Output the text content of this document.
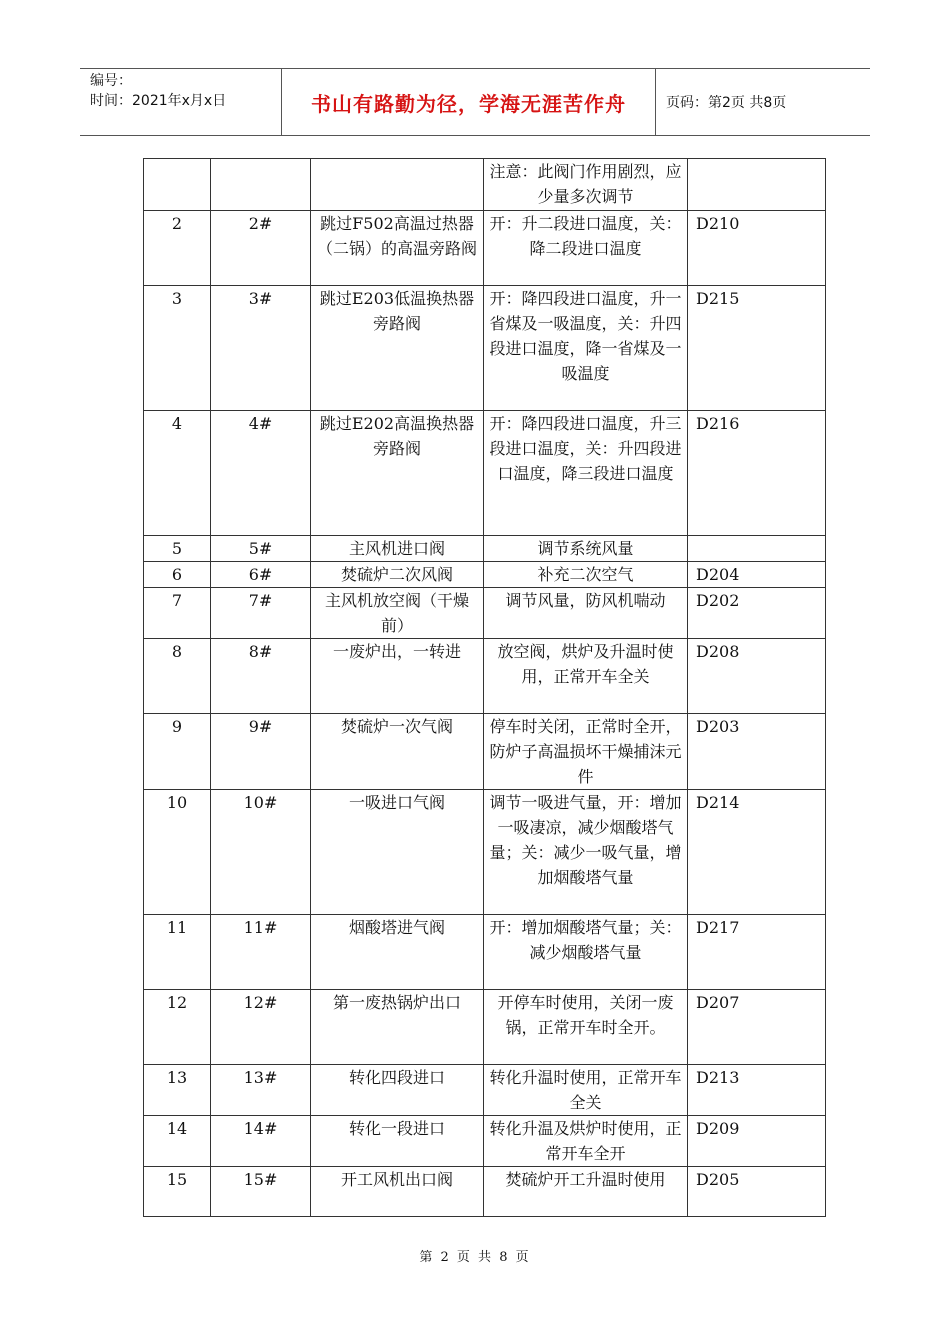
编号：
时间：2021年x月x日	书山有路勤为径，学海无涯苦作舟	页码：第2页 共8页
			注意：此阀门作用剧烈，应少量多次调节	
2	2#	跳过F502高温过热器（二锅）的高温旁路阀	开：升二段进口温度，关：降二段进口温度	D210
3	3#	跳过E203低温换热器旁路阀	开：降四段进口温度，升一省煤及一吸温度，关：升四段进口温度，降一省煤及一吸温度	D215
4	4#	跳过E202高温换热器旁路阀	开：降四段进口温度，升三段进口温度，关：升四段进口温度，降三段进口温度	D216
5	5#	主风机进口阀	调节系统风量	
6	6#	焚硫炉二次风阀	补充二次空气	D204
7	7#	主风机放空阀（干燥前）	调节风量，防风机喘动	D202
8	8#	一废炉出，一转进	放空阀，烘炉及升温时使用，正常开车全关	D208
9	9#	焚硫炉一次气阀	停车时关闭，正常时全开，防炉子高温损坏干燥捕沫元件	D203
10	10#	一吸进口气阀	调节一吸进气量，开：增加一吸凄凉，减少烟酸塔气量；关：减少一吸气量，增加烟酸塔气量	D214
11	11#	烟酸塔进气阀	开：增加烟酸塔气量；关：减少烟酸塔气量	D217
12	12#	第一废热锅炉出口	开停车时使用，关闭一废锅，正常开车时全开。	D207
13	13#	转化四段进口	转化升温时使用，正常开车全关	D213
14	14#	转化一段进口	转化升温及烘炉时使用，正常开车全开	D209
15	15#	开工风机出口阀	焚硫炉开工升温时使用	D205
第 2 页 共 8 页
